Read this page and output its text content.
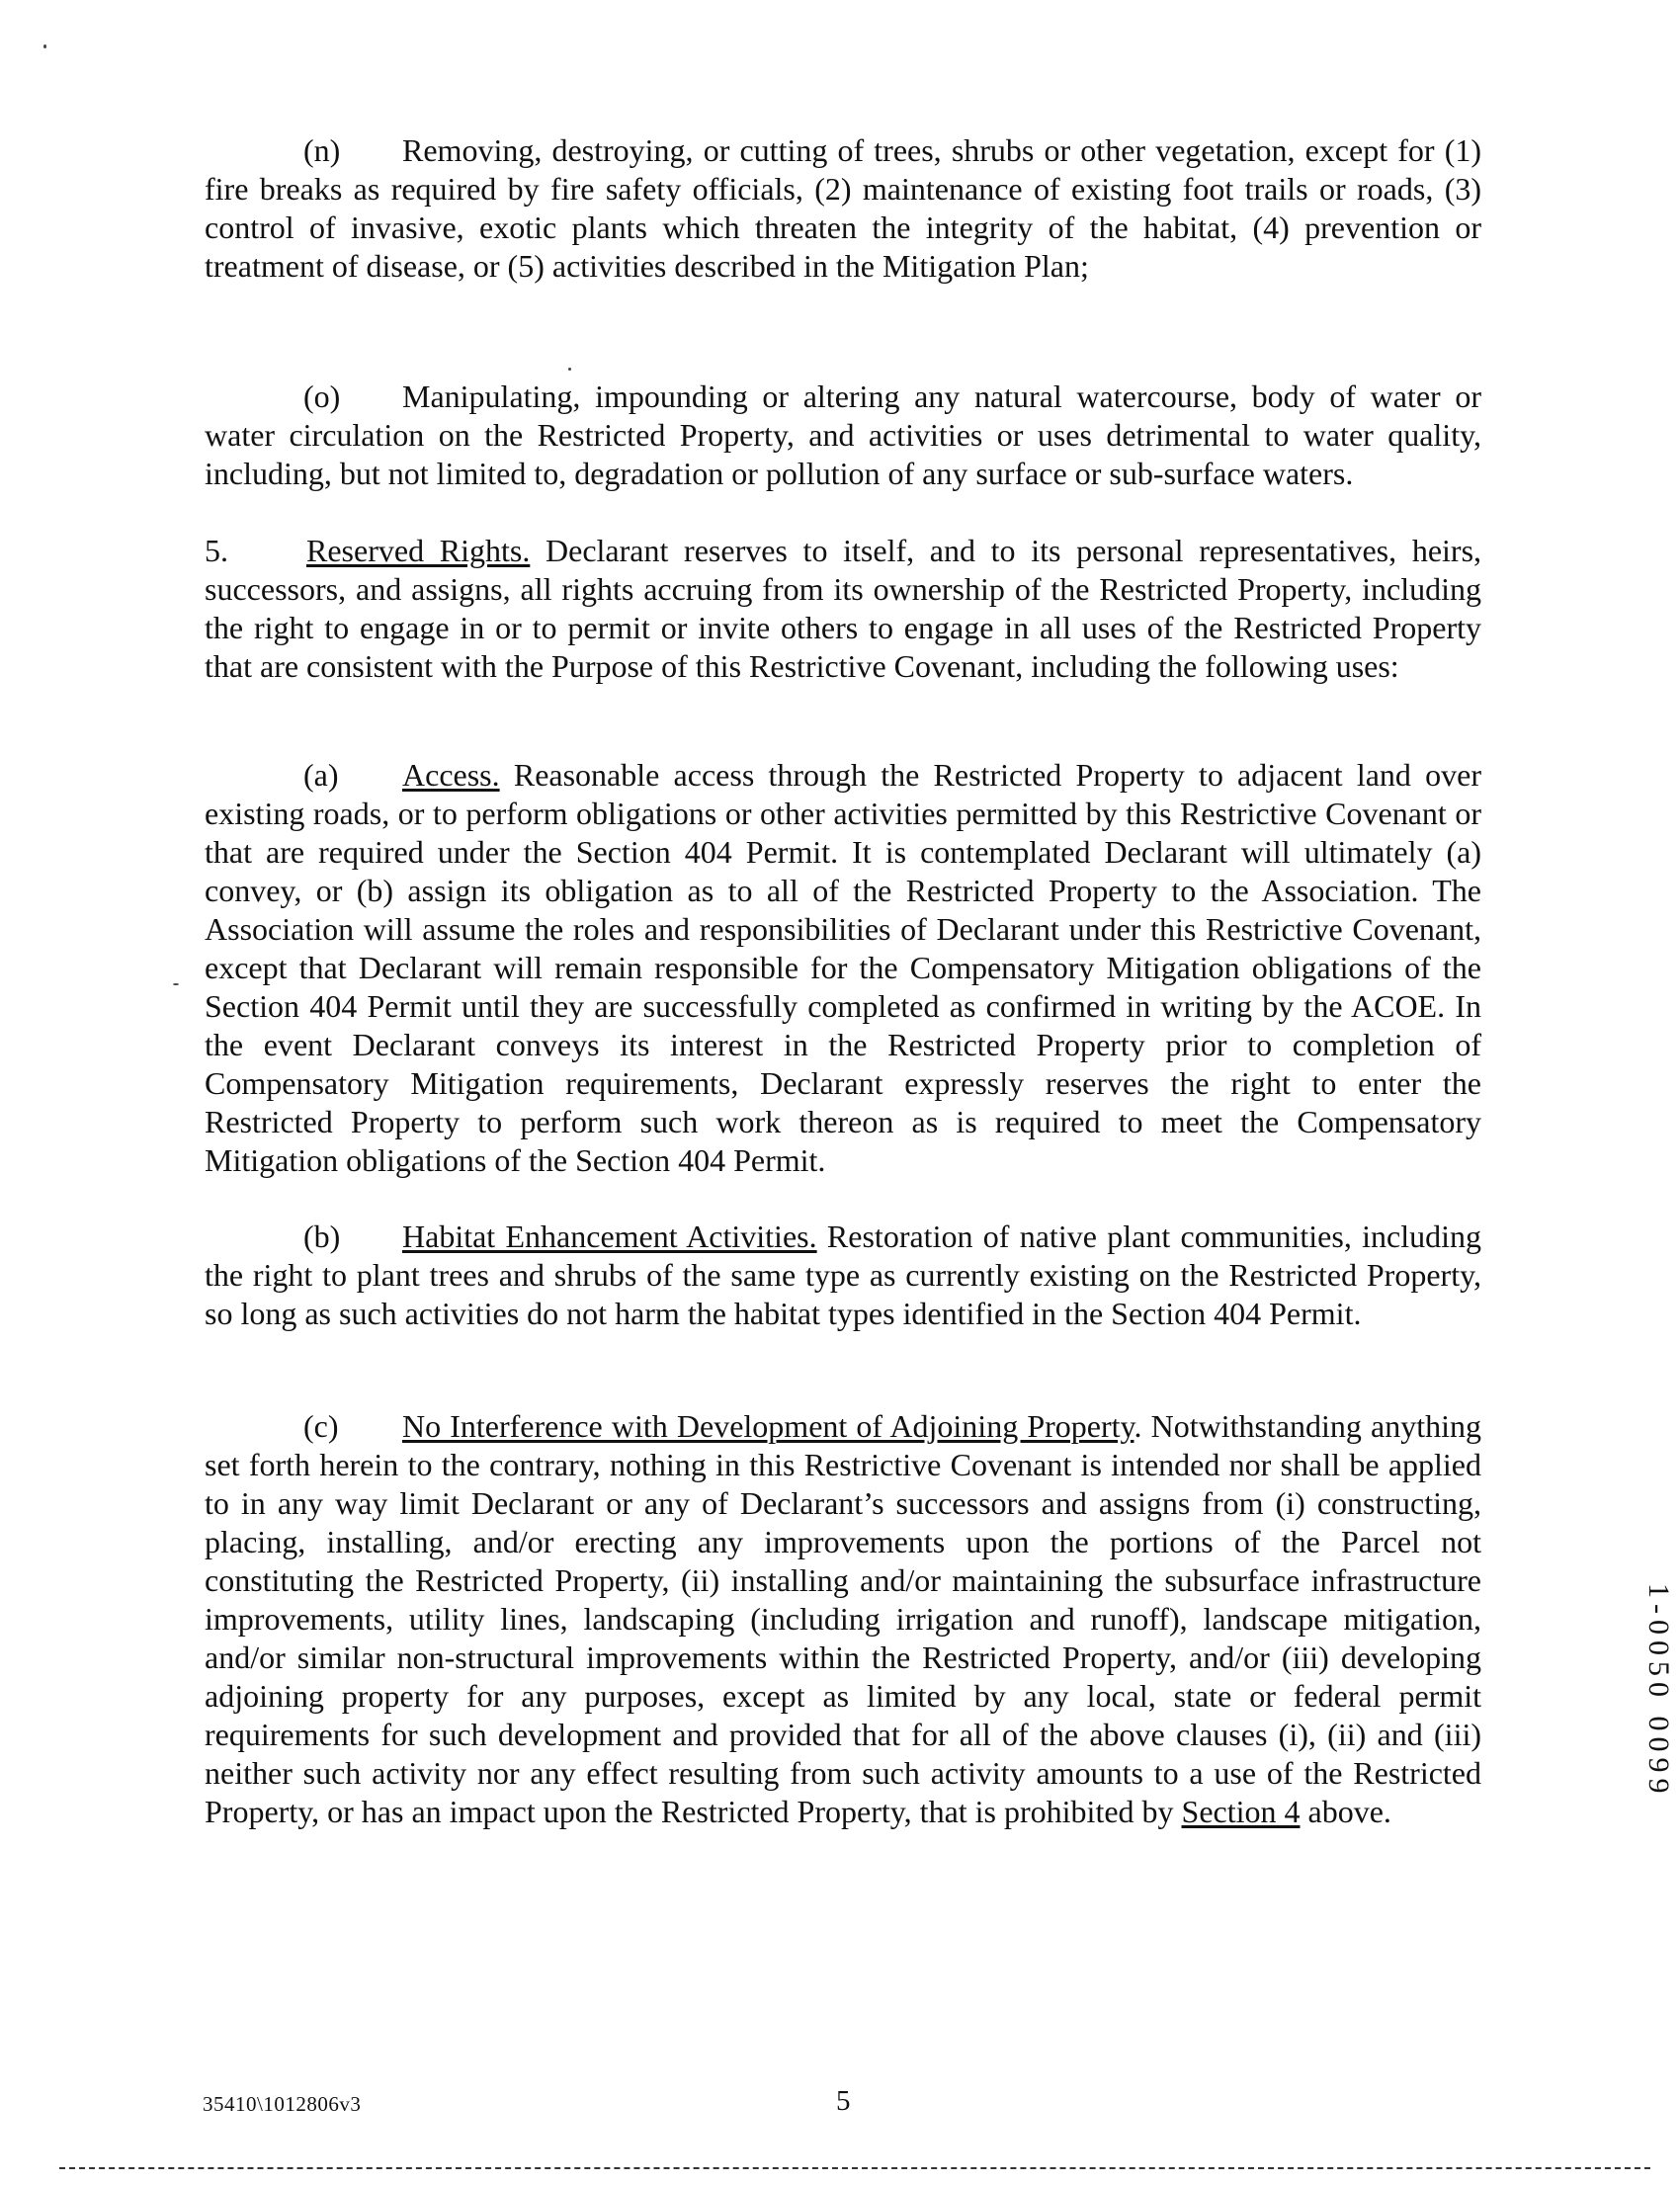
(n) Removing, destroying, or cutting of trees, shrubs or other vegetation, except for (1) fire breaks as required by fire safety officials, (2) maintenance of existing foot trails or roads, (3) control of invasive, exotic plants which threaten the integrity of the habitat, (4) prevention or treatment of disease, or (5) activities described in the Mitigation Plan;

(o) Manipulating, impounding or altering any natural watercourse, body of water or water circulation on the Restricted Property, and activities or uses detrimental to water quality, including, but not limited to, degradation or pollution of any surface or sub-surface waters.

5. Reserved Rights. Declarant reserves to itself, and to its personal representatives, heirs, successors, and assigns, all rights accruing from its ownership of the Restricted Property, including the right to engage in or to permit or invite others to engage in all uses of the Restricted Property that are consistent with the Purpose of this Restrictive Covenant, including the following uses:

(a) Access. Reasonable access through the Restricted Property to adjacent land over existing roads, or to perform obligations or other activities permitted by this Restrictive Covenant or that are required under the Section 404 Permit. It is contemplated Declarant will ultimately (a) convey, or (b) assign its obligation as to all of the Restricted Property to the Association. The Association will assume the roles and responsibilities of Declarant under this Restrictive Covenant, except that Declarant will remain responsible for the Compensatory Mitigation obligations of the Section 404 Permit until they are successfully completed as confirmed in writing by the ACOE. In the event Declarant conveys its interest in the Restricted Property prior to completion of Compensatory Mitigation requirements, Declarant expressly reserves the right to enter the Restricted Property to perform such work thereon as is required to meet the Compensatory Mitigation obligations of the Section 404 Permit.

(b) Habitat Enhancement Activities. Restoration of native plant communities, including the right to plant trees and shrubs of the same type as currently existing on the Restricted Property, so long as such activities do not harm the habitat types identified in the Section 404 Permit.

(c) No Interference with Development of Adjoining Property. Notwithstanding anything set forth herein to the contrary, nothing in this Restrictive Covenant is intended nor shall be applied to in any way limit Declarant or any of Declarant’s successors and assigns from (i) constructing, placing, installing, and/or erecting any improvements upon the portions of the Parcel not constituting the Restricted Property, (ii) installing and/or maintaining the subsurface infrastructure improvements, utility lines, landscaping (including irrigation and runoff), landscape mitigation, and/or similar non-structural improvements within the Restricted Property, and/or (iii) developing adjoining property for any purposes, except as limited by any local, state or federal permit requirements for such development and provided that for all of the above clauses (i), (ii) and (iii) neither such activity nor any effect resulting from such activity amounts to a use of the Restricted Property, or has an impact upon the Restricted Property, that is prohibited by Section 4 above.

35410\1012806v3	5
1-0050 0099
